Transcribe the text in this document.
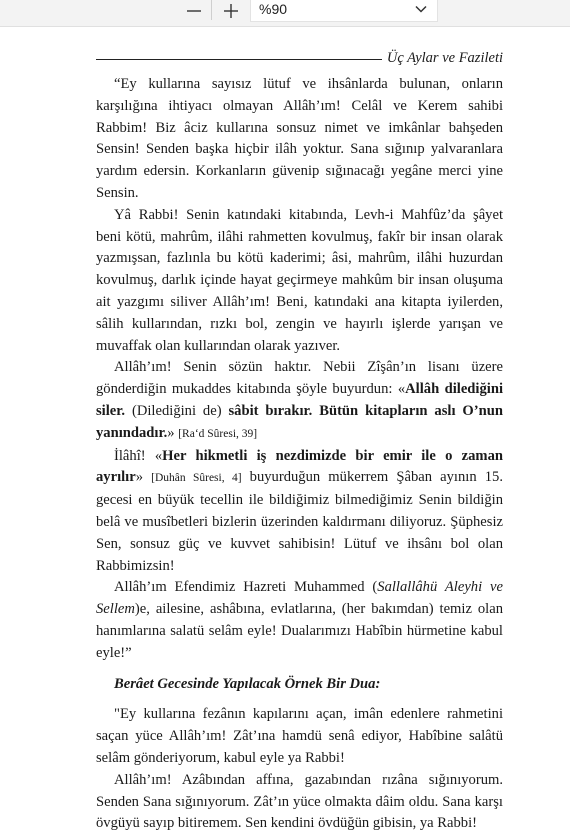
%90
Üç Aylar ve Fazileti

“Ey kullarına sayısız lütuf ve ihsânlarda bulunan, onların karşılığına ihtiyacı olmayan Allâh’ım! Celâl ve Kerem sahibi Rabbim! Biz âciz kullarına sonsuz nimet ve imkânlar bahşeden Sensin! Senden başka hiçbir ilâh yoktur. Sana sığınıp yalvaranlara yardım edersin. Korkanların güvenip sığınacağı yegâne merci yine Sensin.

Yâ Rabbi! Senin katındaki kitabında, Levh-i Mahfûz’da şâyet beni kötü, mahrûm, ilâhi rahmetten kovulmuş, fakîr bir insan olarak yazmışsan, fazlınla bu kötü kaderimi; âsi, mahrûm, ilâhi huzurdan kovulmuş, darlık içinde hayat geçirmeye mahkûm bir insan oluşuma ait yazgımı siliver Allâh’ım! Beni, katındaki ana kitapta iyilerden, sâlih kullarından, rızkı bol, zengin ve hayırlı işlerde yarışan ve muvaffak olan kullarından olarak yazıver.

Allâh’ım! Senin sözün haktır. Nebii Zîşân’ın lisanı üzere gönderdiğin mukaddes kitabında şöyle buyurdun: «Allâh dilediğini siler. (Dilediğini de) sâbit bırakır. Bütün kitapların aslı O’nun yanındadır.» [Ra‘d Sûresi, 39]

İlâhî! «Her hikmetli iş nezdimizde bir emir ile o zaman ayrılır» [Duhân Sûresi, 4] buyurduğun mükerrem Şâban ayının 15. gecesi en büyük tecellin ile bildiğimiz bilmediğimiz Senin bildiğin belâ ve musîbetleri bizlerin üzerinden kaldırmanı diliyoruz. Şüphesiz Sen, sonsuz güç ve kuvvet sahibisin! Lütuf ve ihsânı bol olan Rabbimizsin!

Allâh’ım Efendimiz Hazreti Muhammed (Sallallâhü Aleyhi ve Sellem)e, ailesine, ashâbına, evlatlarına, (her bakımdan) temiz olan hanımlarına salatü selâm eyle! Dualarımızı Habîbin hürmetine kabul eyle!”

Berâet Gecesinde Yapılacak Örnek Bir Dua:

"Ey kullarına fezânın kapılarını açan, imân edenlere rahmetini saçan yüce Allâh’ım! Zât’ına hamdü senâ ediyor, Habîbine salâtü selâm gönderiyorum, kabul eyle ya Rabbi!

Allâh’ım! Azâbından affına, gazabından rızâna sığınıyorum. Senden Sana sığınıyorum. Zât’ın yüce olmakta dâim oldu. Sana karşı övgüyü sayıp bitiremem. Sen kendini övdüğün gibisin, ya Rabbi!
